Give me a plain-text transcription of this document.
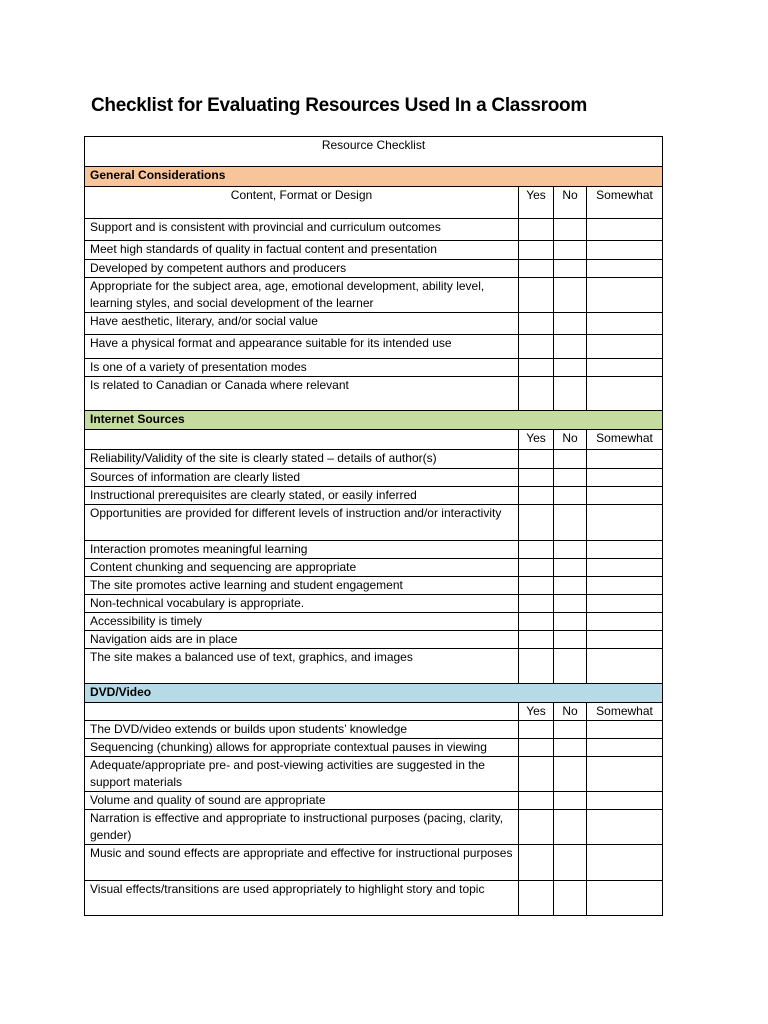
Checklist for Evaluating Resources Used In a Classroom
Resource Checklist			
General Considerations			
Content, Format or Design	Yes	No	Somewhat
Support and is consistent with provincial and curriculum outcomes			
Meet high standards of quality in factual content and presentation			
Developed by competent authors and producers			
Appropriate for the subject area, age, emotional development, ability level, learning styles, and social development of the learner			
Have aesthetic, literary, and/or social value			
Have a physical format and appearance suitable for its intended use			
Is one of a variety of presentation modes			
Is related to Canadian or Canada where relevant			
Internet Sources			
	Yes	No	Somewhat
Reliability/Validity of the site is clearly stated – details of author(s)			
Sources of information are clearly listed			
Instructional prerequisites are clearly stated, or easily inferred			
Opportunities are provided for different levels of instruction and/or interactivity			
Interaction promotes meaningful learning			
Content chunking and sequencing are appropriate			
The site promotes active learning and student engagement			
Non-technical vocabulary is appropriate.			
Accessibility is timely			
Navigation aids are in place			
The site makes a balanced use of text, graphics, and images			
DVD/Video			
	Yes	No	Somewhat
The DVD/video extends or builds upon students’ knowledge			
Sequencing (chunking) allows for appropriate contextual pauses in viewing			
Adequate/appropriate pre- and post-viewing activities are suggested in the support materials			
Volume and quality of sound are appropriate			
Narration is effective and appropriate to instructional purposes (pacing, clarity, gender)			
Music and sound effects are appropriate and effective for instructional purposes			
Visual effects/transitions are used appropriately to highlight story and topic			
